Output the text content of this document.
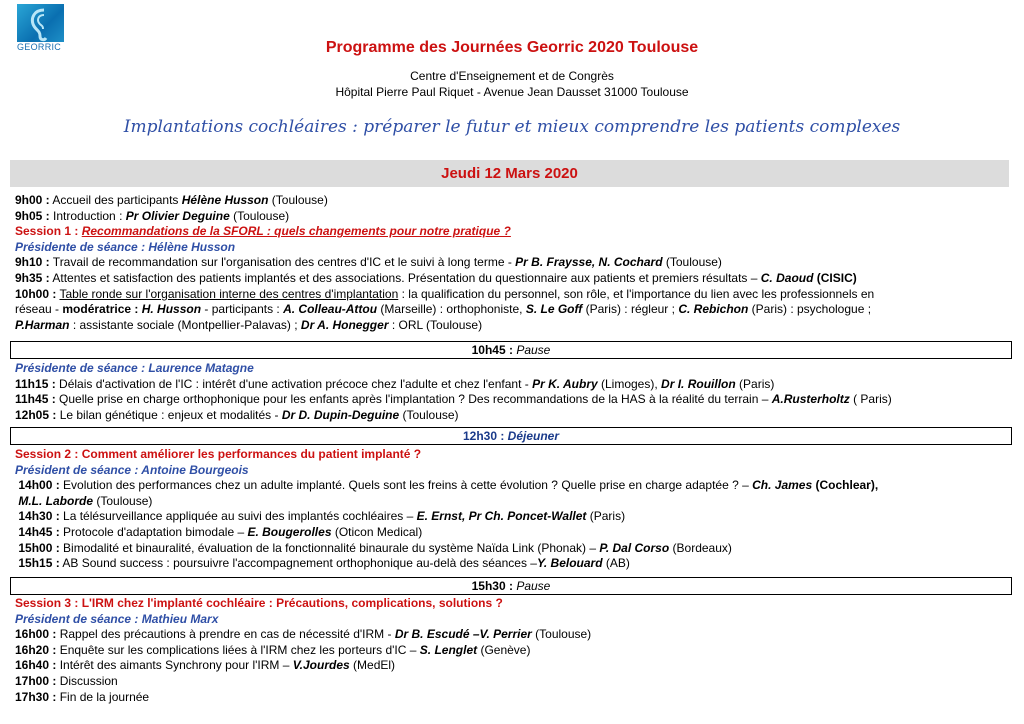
GEORRIC	Programme des Journées Georric 2020 Toulouse
Centre d'Enseignement et de Congrès
Hôpital Pierre Paul Riquet - Avenue Jean Dausset 31000 Toulouse
Implantations cochléaires : préparer le futur et mieux comprendre les patients complexes
Jeudi 12 Mars 2020
9h00 : Accueil des participants Hélène Husson (Toulouse)
9h05 : Introduction : Pr Olivier Deguine (Toulouse)
Session 1 : Recommandations de la SFORL : quels changements pour notre pratique ?
Présidente de séance : Hélène Husson
9h10 : Travail de recommandation sur l'organisation des centres d'IC et le suivi à long terme - Pr B. Fraysse, N. Cochard (Toulouse)
9h35 : Attentes et satisfaction des patients implantés et des associations. Présentation du questionnaire aux patients et premiers résultats – C. Daoud (CISIC)
10h00 : Table ronde sur l'organisation interne des centres d'implantation : la qualification du personnel, son rôle, et l'importance du lien avec les professionnels en
réseau - modératrice : H. Husson - participants : A. Colleau-Attou (Marseille) : orthophoniste, S. Le Goff (Paris) : régleur ; C. Rebichon (Paris) : psychologue ;
P.Harman : assistante sociale (Montpellier-Palavas) ; Dr A. Honegger : ORL (Toulouse)
10h45 : Pause
Présidente de séance : Laurence Matagne
11h15 : Délais d'activation de l'IC : intérêt d'une activation précoce chez l'adulte et chez l'enfant - Pr K. Aubry (Limoges), Dr I. Rouillon (Paris)
11h45 : Quelle prise en charge orthophonique pour les enfants après l'implantation ? Des recommandations de la HAS à la réalité du terrain – A.Rusterholtz ( Paris)
12h05 : Le bilan génétique : enjeux et modalités - Dr D. Dupin-Deguine (Toulouse)
12h30 : Déjeuner
Session 2 : Comment améliorer les performances du patient implanté ?
Président de séance : Antoine Bourgeois
14h00 : Evolution des performances chez un adulte implanté. Quels sont les freins à cette évolution ? Quelle prise en charge adaptée ? – Ch. James (Cochlear),
M.L. Laborde (Toulouse)
14h30 : La télésurveillance appliquée au suivi des implantés cochléaires – E. Ernst, Pr Ch. Poncet-Wallet (Paris)
14h45 : Protocole d'adaptation bimodale – E. Bougerolles (Oticon Medical)
15h00 : Bimodalité et binauralité, évaluation de la fonctionnalité binaurale du système Naïda Link (Phonak) – P. Dal Corso (Bordeaux)
15h15 : AB Sound success : poursuivre l'accompagnement orthophonique au-delà des séances –Y. Belouard (AB)
15h30 : Pause
Session 3 : L'IRM chez l'implanté cochléaire : Précautions, complications, solutions ?
Président de séance : Mathieu Marx
16h00 : Rappel des précautions à prendre en cas de nécessité d'IRM - Dr B. Escudé –V. Perrier (Toulouse)
16h20 : Enquête sur les complications liées à l'IRM chez les porteurs d'IC – S. Lenglet (Genève)
16h40 : Intérêt des aimants Synchrony pour l'IRM – V.Jourdes (MedEl)
17h00 : Discussion
17h30 : Fin de la journée
